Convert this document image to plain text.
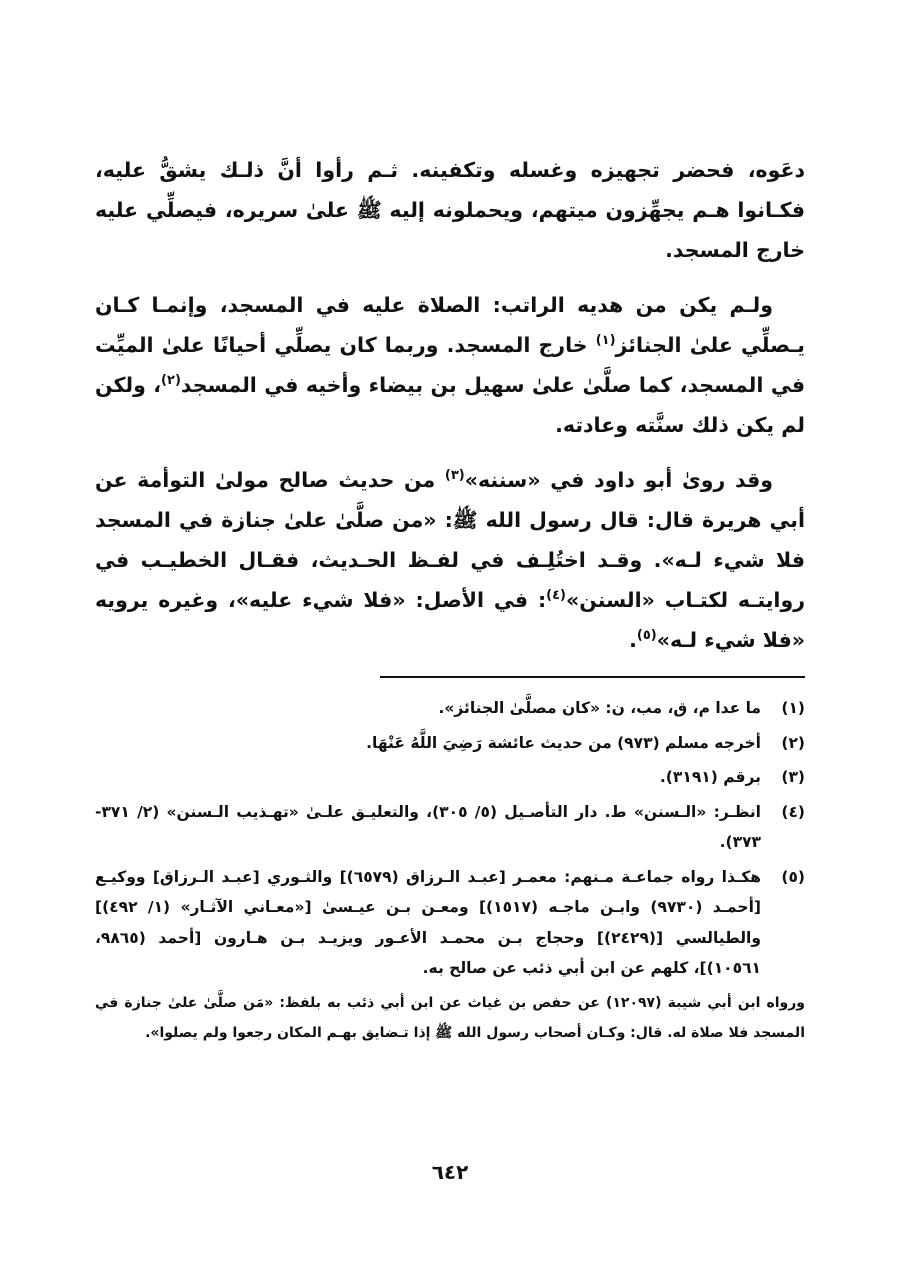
دعَوه، فحضر تجهيزه وغسله وتكفينه. ثـم رأوا أنَّ ذلـك يشقُّ عليه، فكـانوا هـم يجهِّزون ميتهم، ويحملونه إليه ﷺ علىٰ سريره، فيصلِّي عليه خارج المسجد.

ولـم يكن من هديه الراتب: الصلاة عليه في المسجد، وإنمـا كـان يـصلِّي علىٰ الجنائز$^{(١)}$ خارج المسجد. وربما كان يصلِّي أحيانًا علىٰ الميِّت في المسجد، كما صلَّىٰ علىٰ سهيل بن بيضاء وأخيه في المسجد$^{(٢)}$، ولكن لم يكن ذلك سنَّته وعادته.

وقد روىٰ أبو داود في «سننه»$^{(٣)}$ من حديث صالح مولىٰ التوأمة عن أبي هريرة قال: قال رسول الله ﷺ: «من صلَّىٰ علىٰ جنازة في المسجد فلا شيء لـه». وقـد اختُلِـف في لفـظ الحـديث، فقـال الخطيـب في روايتـه لكتـاب «السنن»$^{(٤)}$: في الأصل: «فلا شيء عليه»، وغيره يرويه «فلا شيء لـه»$^{(٥)}$.

(١)
ما عدا م، ق، مب، ن: «كان مصلَّىٰ الجنائز».
(٢)
أخرجه مسلم (٩٧٣) من حديث عائشة رَضِيَ اللَّهُ عَنْهَا.
(٣)
برقم (٣١٩١).
(٤)
انظـر: «الـسنن» ط. دار التأصـيل (٥/ ٣٠٥)، والتعليـق علـىٰ «تهـذيب الـسنن» (٢/ ٣٧١- ٣٧٣).
(٥)
هكـذا رواه جماعـة مـنهم: معمـر [عبـد الـرزاق (٦٥٧٩)] والثـوري [عبـد الـرزاق] ووكيـع [أحمـد (٩٧٣٠) وابـن ماجـه (١٥١٧)] ومعـن بـن عيـسىٰ [«معـاني الآثـار» (١/ ٤٩٢)] والطيالسي [(٢٤٢٩)] وحجاج بـن محمـد الأعـور ويزيـد بـن هـارون [أحمد (٩٨٦٥، ١٠٥٦١)]، كلهم عن ابن أبي ذئب عن صالح به.
ورواه ابن أبي شيبة (١٢٠٩٧) عن حفص بن غياث عن ابن أبي ذئب به بلفظ: «مَن صلَّىٰ علىٰ جنازة في المسجد فلا صلاة له. قال: وكـان أصحاب رسول الله ﷺ إذا تـضايق بهـم المكان رجعوا ولم يصلوا».
٦٤٢
